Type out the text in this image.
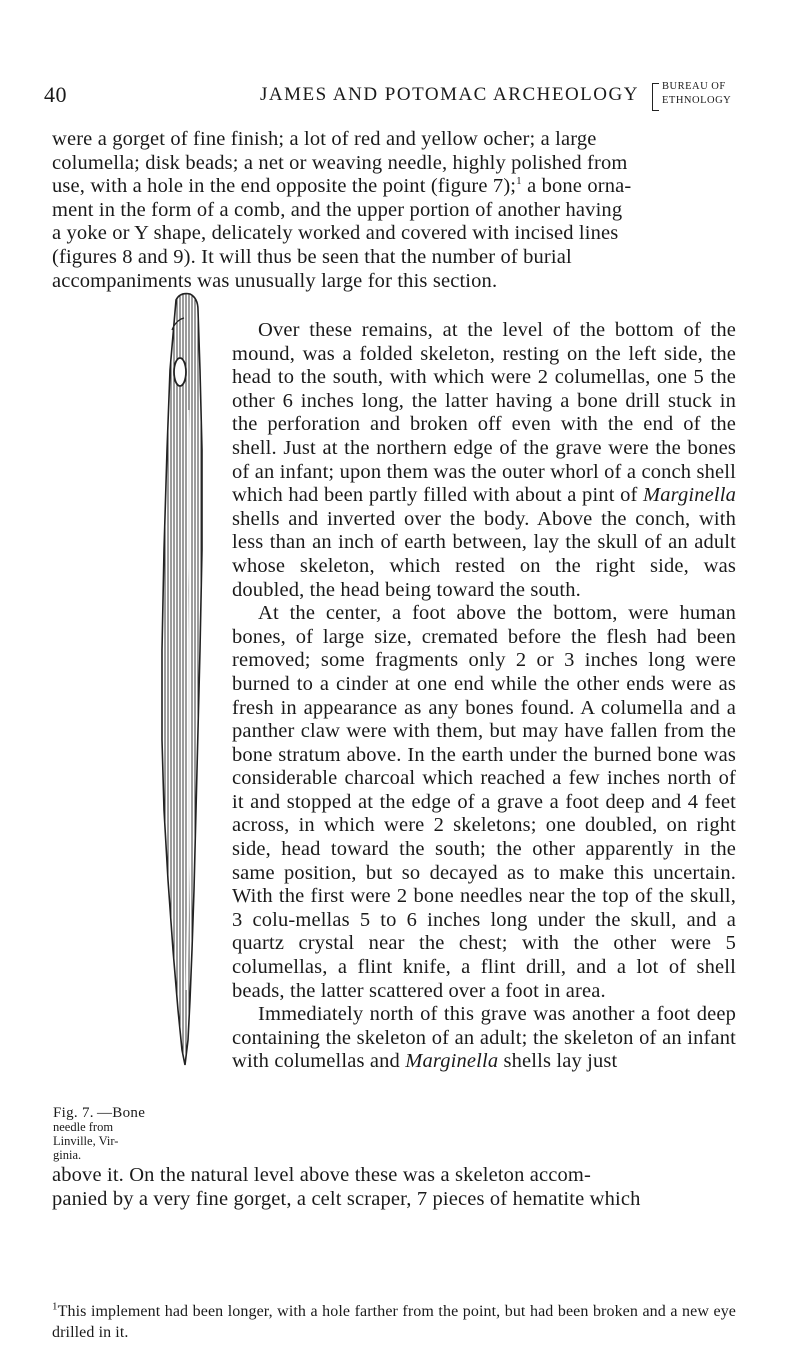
40	JAMES AND POTOMAC ARCHEOLOGY BUREAU OF
ETHNOLOGY

were a gorget of fine finish; a lot of red and yellow ocher; a large

columella; disk beads; a net or weaving needle, highly polished from

use, with a hole in the end opposite the point (figure 7);$^1$ a bone orna-

ment in the form of a comb, and the upper portion of another having

a yoke or Y shape, delicately worked and covered with incised lines

(figures 8 and 9). It will thus be seen that the number of burial

accompaniments was unusually large for this section.

Over these remains, at the level of the bottom of the mound, was a folded skeleton, resting on the left side, the head to the south, with which were 2 columellas, one 5 the other 6 inches long, the latter having a bone drill stuck in the perforation and broken off even with the end of the shell. Just at the northern edge of the grave were the bones of an infant; upon them was the outer whorl of a conch shell which had been partly filled with about a pint of Marginella shells and inverted over the body. Above the conch, with less than an inch of earth between, lay the skull of an adult whose skeleton, which rested on the right side, was doubled, the head being toward the south.

At the center, a foot above the bottom, were human bones, of large size, cremated before the flesh had been removed; some fragments only 2 or 3 inches long were burned to a cinder at one end while the other ends were as fresh in appearance as any bones found. A columella and a panther claw were with them, but may have fallen from the bone stratum above. In the earth under the burned bone was considerable charcoal which reached a few inches north of it and stopped at the edge of a grave a foot deep and 4 feet across, in which were 2 skeletons; one doubled, on right side, head toward the south; the other apparently in the same position, but so decayed as to make this uncertain. With the first were 2 bone needles near the top of the skull, 3 colu-mellas 5 to 6 inches long under the skull, and a quartz crystal near the chest; with the other were 5 columellas, a flint knife, a flint drill, and a lot of shell beads, the latter scattered over a foot in area.

Immediately north of this grave was another a foot deep containing the skeleton of an adult; the skeleton of an infant with columellas and Marginella shells lay just

above it. On the natural level above these was a skeleton accom-
panied by a very fine gorget, a celt scraper, 7 pieces of hematite which
Fig. 7. —Bone
needle from
Linville, Vir-
ginia.
$^1$This implement had been longer, with a hole farther from the point, but had been broken and a new eye drilled in it.
